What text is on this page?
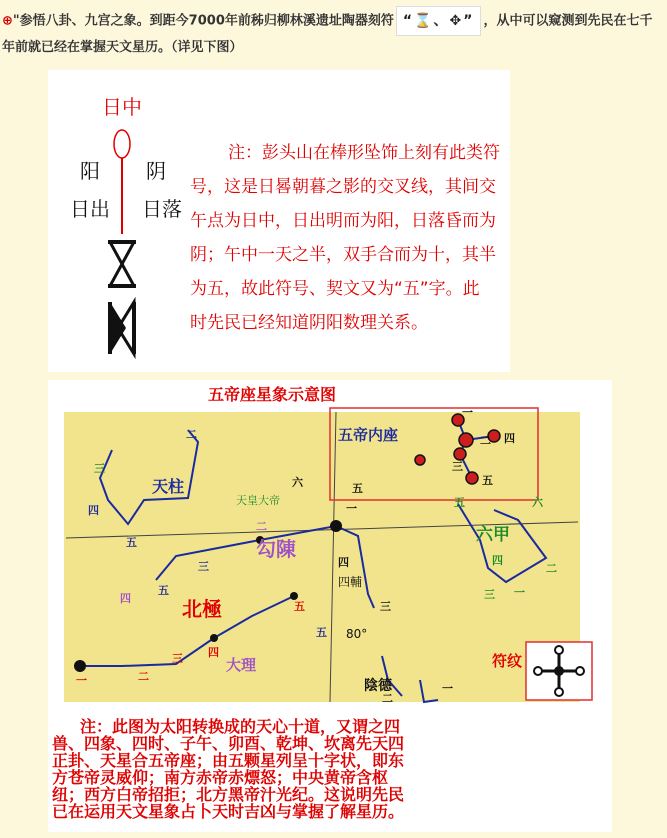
⊕"参悟八卦、九宫之象。到距今7000年前秭归柳林溪遗址陶器刻符 “⌛、✥” ，从中可以窥测到先民在七千年前就已经在掌握天文星历。（详见下图）
日中
阳 阴
日出 日落
注：彭头山在棒形坠饰上刻有此类符
号，这是日晷朝暮之影的交叉线，其间交
午点为日中，日出明而为阳，日落昏而为
阴；午中一天之半，双手合而为十，其半
为五，故此符号、契文又为“五”字。此
时先民已经知道阴阳数理关系。
五帝座星象示意图
五帝内座
天柱
天皇大帝
勾陳
北極
大理
六甲
四輔
陰德
80°
三
二
四
五
二
六	五
一
五
三
四
一	二
三 四
五
五
四
三
五	六
四
三
二
一
一
二 四
三
五
二
一
符纹
注：此图为太阳转换成的天心十道，又谓之四
兽、四象、四时、子午、卯酉、乾坤、坎离先天四
正卦、天星合五帝座；由五颗星列呈十字状，即东
方苍帝灵威仰；南方赤帝赤熛怒；中央黄帝含枢
纽；西方白帝招拒；北方黑帝汁光纪。这说明先民
已在运用天文星象占卜天时吉凶与掌握了解星历。
